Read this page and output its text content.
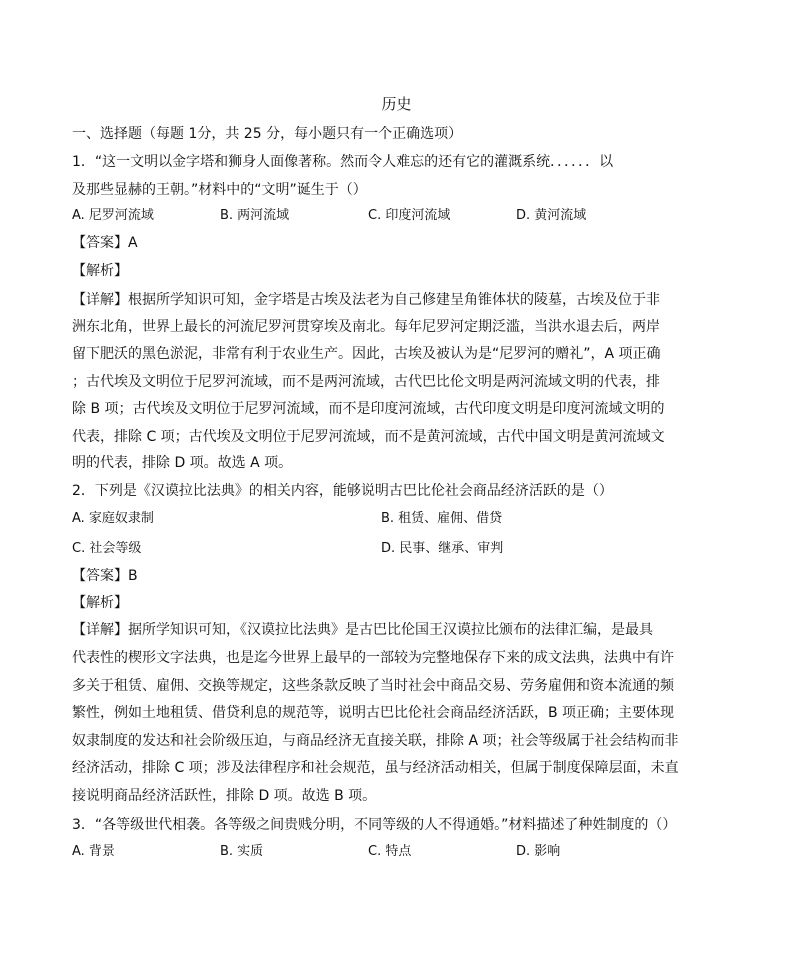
历史
一、选择题（每题 1分，共 25 分，每小题只有一个正确选项）
1．“这一文明以金字塔和狮身人面像著称。然而令人难忘的还有它的灌溉系统．．．．．．以
及那些显赫的王朝。”材料中的“文明”诞生于（）
A. 尼罗河流域	B. 两河流域	C. 印度河流域	D. 黄河流域
【答案】A
【解析】
【详解】根据所学知识可知，金字塔是古埃及法老为自己修建呈角锥体状的陵墓，古埃及位于非
洲东北角，世界上最长的河流尼罗河贯穿埃及南北。每年尼罗河定期泛滥，当洪水退去后，两岸
留下肥沃的黑色淤泥，非常有利于农业生产。因此，古埃及被认为是“尼罗河的赠礼”，A 项正确
；古代埃及文明位于尼罗河流域，而不是两河流域，古代巴比伦文明是两河流域文明的代表，排
除 B 项；古代埃及文明位于尼罗河流域，而不是印度河流域，古代印度文明是印度河流域文明的
代表，排除 C 项；古代埃及文明位于尼罗河流域，而不是黄河流域，古代中国文明是黄河流域文
明的代表，排除 D 项。故选 A 项。
2．下列是《汉谟拉比法典》的相关内容，能够说明古巴比伦社会商品经济活跃的是（）
A. 家庭奴隶制	B. 租赁、雇佣、借贷
C. 社会等级	D. 民事、继承、审判
【答案】B
【解析】
【详解】据所学知识可知，《汉谟拉比法典》是古巴比伦国王汉谟拉比颁布的法律汇编，是最具
代表性的楔形文字法典，也是迄今世界上最早的一部较为完整地保存下来的成文法典，法典中有许
多关于租赁、雇佣、交换等规定，这些条款反映了当时社会中商品交易、劳务雇佣和资本流通的频
繁性，例如土地租赁、借贷利息的规范等，说明古巴比伦社会商品经济活跃，B 项正确；主要体现
奴隶制度的发达和社会阶级压迫，与商品经济无直接关联，排除 A 项；社会等级属于社会结构而非
经济活动，排除 C 项；涉及法律程序和社会规范，虽与经济活动相关，但属于制度保障层面，未直
接说明商品经济活跃性，排除 D 项。故选 B 项。
3．“各等级世代相袭。各等级之间贵贱分明，不同等级的人不得通婚。”材料描述了种姓制度的（）
A. 背景	B. 实质	C. 特点	D. 影响
